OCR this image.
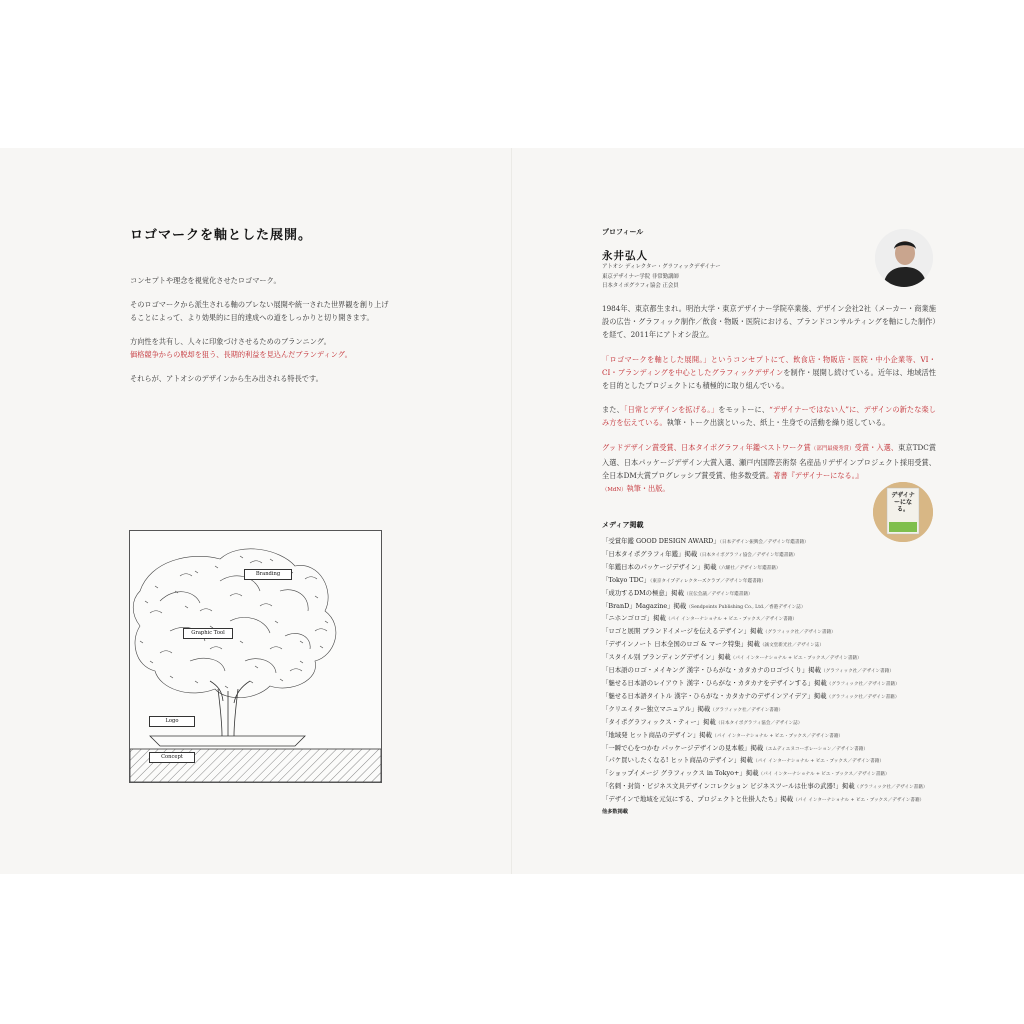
ロゴマークを軸とした展開。

コンセプトや理念を視覚化させたロゴマーク。

そのロゴマークから派生される軸のブレない展開や統一された世界観を創り上げることによって、より効果的に目的達成への道をしっかりと切り開きます。

方向性を共有し、人々に印象づけさせるためのブランニング。
価格競争からの脱却を狙う、長期的利益を見込んだブランディング。

それらが、アトオシのデザインから生み出される特長です。

Branding
Graphic Tool
Logo
Concept
プロフィール
永井弘人
アトオシ ディレクター・グラフィックデザイナー
東京デザイナー学院 非常勤講師
日本タイポグラフィ協会 正会員

1984年、東京都生まれ。明治大学・東京デザイナー学院卒業後、デザイン会社2社（メーカー・商業施設の広告・グラフィック制作／飲食・物販・医院における、ブランドコンサルティングを軸にした制作）を経て、2011年にアトオシ設立。

「ロゴマークを軸とした展開。」というコンセプトにて、飲食店・物販店・医院・中小企業等、VI・CI・ブランディングを中心としたグラフィックデザインを制作・展開し続けている。近年は、地域活性を目的としたプロジェクトにも積極的に取り組んでいる。

また、「日常とデザインを拡げる。」をモットーに、“デザイナーではない人”に、デザインの新たな楽しみ方を伝えている。執筆・トーク出演といった、紙上・生身での活動を繰り返している。

グッドデザイン賞受賞、日本タイポグラフィ年鑑ベストワーク賞（部門最優秀賞）受賞・入選、東京TDC賞入選、日本パッケージデザイン大賞入選、瀬戸内国際芸術祭 名産品リデザインプロジェクト採用受賞、全日本DM大賞プログレッシブ賞受賞、他多数受賞。著書『デザイナーになる。』
（MdN）執筆・出版。

デザイナーになる。
メディア掲載
「受賞年鑑 GOOD DESIGN AWARD」（日本デザイン振興会／デザイン年鑑書籍）
「日本タイポグラフィ年鑑」掲載（日本タイポグラフィ協会／デザイン年鑑書籍）
「年鑑日本のパッケージデザイン」掲載（六耀社／デザイン年鑑書籍）
「Tokyo TDC」（東京タイプディレクターズクラブ／デザイン年鑑書籍）
「成功するDMの極意」掲載（宣伝会議／デザイン年鑑書籍）
「BranD」Magazine」掲載（Sendpoints Publishing Co., Ltd.／香港デザイン誌）
「ニホンゴロゴ」掲載（パイ インターナショナル + ビエ・ブックス／デザイン書籍）
「ロゴと展開 ブランドイメージを伝えるデザイン」掲載（グラフィック社／デザイン書籍）
「デザインノート 日本全国のロゴ & マーク特集」掲載（誠文堂新光社／デザイン誌）
「スタイル別 ブランディングデザイン」掲載（パイ インターナショナル + ビエ・ブックス／デザイン書籍）
「日本語のロゴ・メイキング 漢字・ひらがな・カタカナのロゴづくり」掲載（グラフィック社／デザイン書籍）
「魅せる日本語のレイアウト 漢字・ひらがな・カタカナをデザインする」掲載（グラフィック社／デザイン書籍）
「魅せる日本語タイトル 漢字・ひらがな・カタカナのデザインアイデア」掲載（グラフィック社／デザイン書籍）
「クリエイター独立マニュアル」掲載（グラフィック社／デザイン書籍）
「タイポグラフィックス・ティー」掲載（日本タイポグラフィ協会／デザイン誌）
「地域発 ヒット商品のデザイン」掲載（パイ インターナショナル + ビエ・ブックス／デザイン書籍）
「一瞬で心をつかむ パッケージデザインの見本帳」掲載（エムディエヌコーポレーション／デザイン書籍）
「パケ買いしたくなる! ヒット商品のデザイン」掲載（パイ インターナショナル + ビエ・ブックス／デザイン書籍）
「ショップイメージ グラフィックス in Tokyo+」掲載（パイ インターナショナル + ビエ・ブックス／デザイン書籍）
「名刺・封筒・ビジネス文具デザインコレクション ビジネスツールは仕事の武器!」掲載（グラフィック社／デザイン書籍）
「デザインで地域を元気にする、プロジェクトと仕掛人たち」掲載（パイ インターナショナル + ビエ・ブックス／デザイン書籍）
他多数掲載
